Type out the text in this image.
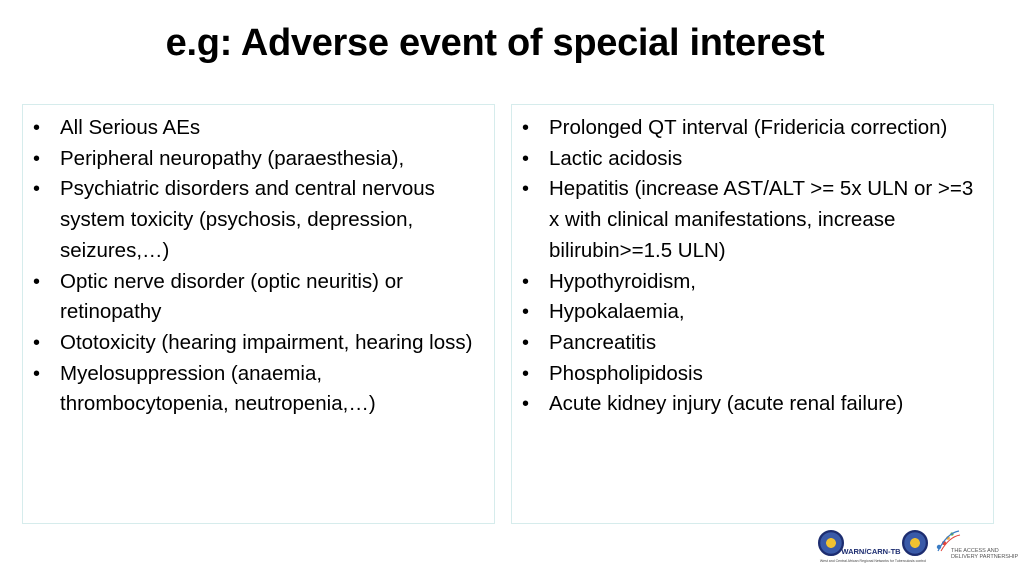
e.g: Adverse event of special interest
• All Serious AEs
• Peripheral neuropathy (paraesthesia),
• Psychiatric disorders and central nervous system toxicity (psychosis, depression, seizures,…)
• Optic nerve disorder (optic neuritis) or retinopathy
• Ototoxicity (hearing impairment, hearing loss)
• Myelosuppression (anaemia, thrombocytopenia, neutropenia,…)
• Prolonged QT interval (Fridericia correction)
• Lactic acidosis
• Hepatitis (increase AST/ALT >= 5x ULN or >=3 x with clinical manifestations, increase bilirubin>=1.5 ULN)
• Hypothyroidism,
• Hypokalaemia,
• Pancreatitis
• Phospholipidosis
• Acute kidney injury (acute renal failure)
WARN/CARN-TB
West and Central African Regional Networks for Tuberculosis control
THE ACCESS AND
DELIVERY PARTNERSHIP
